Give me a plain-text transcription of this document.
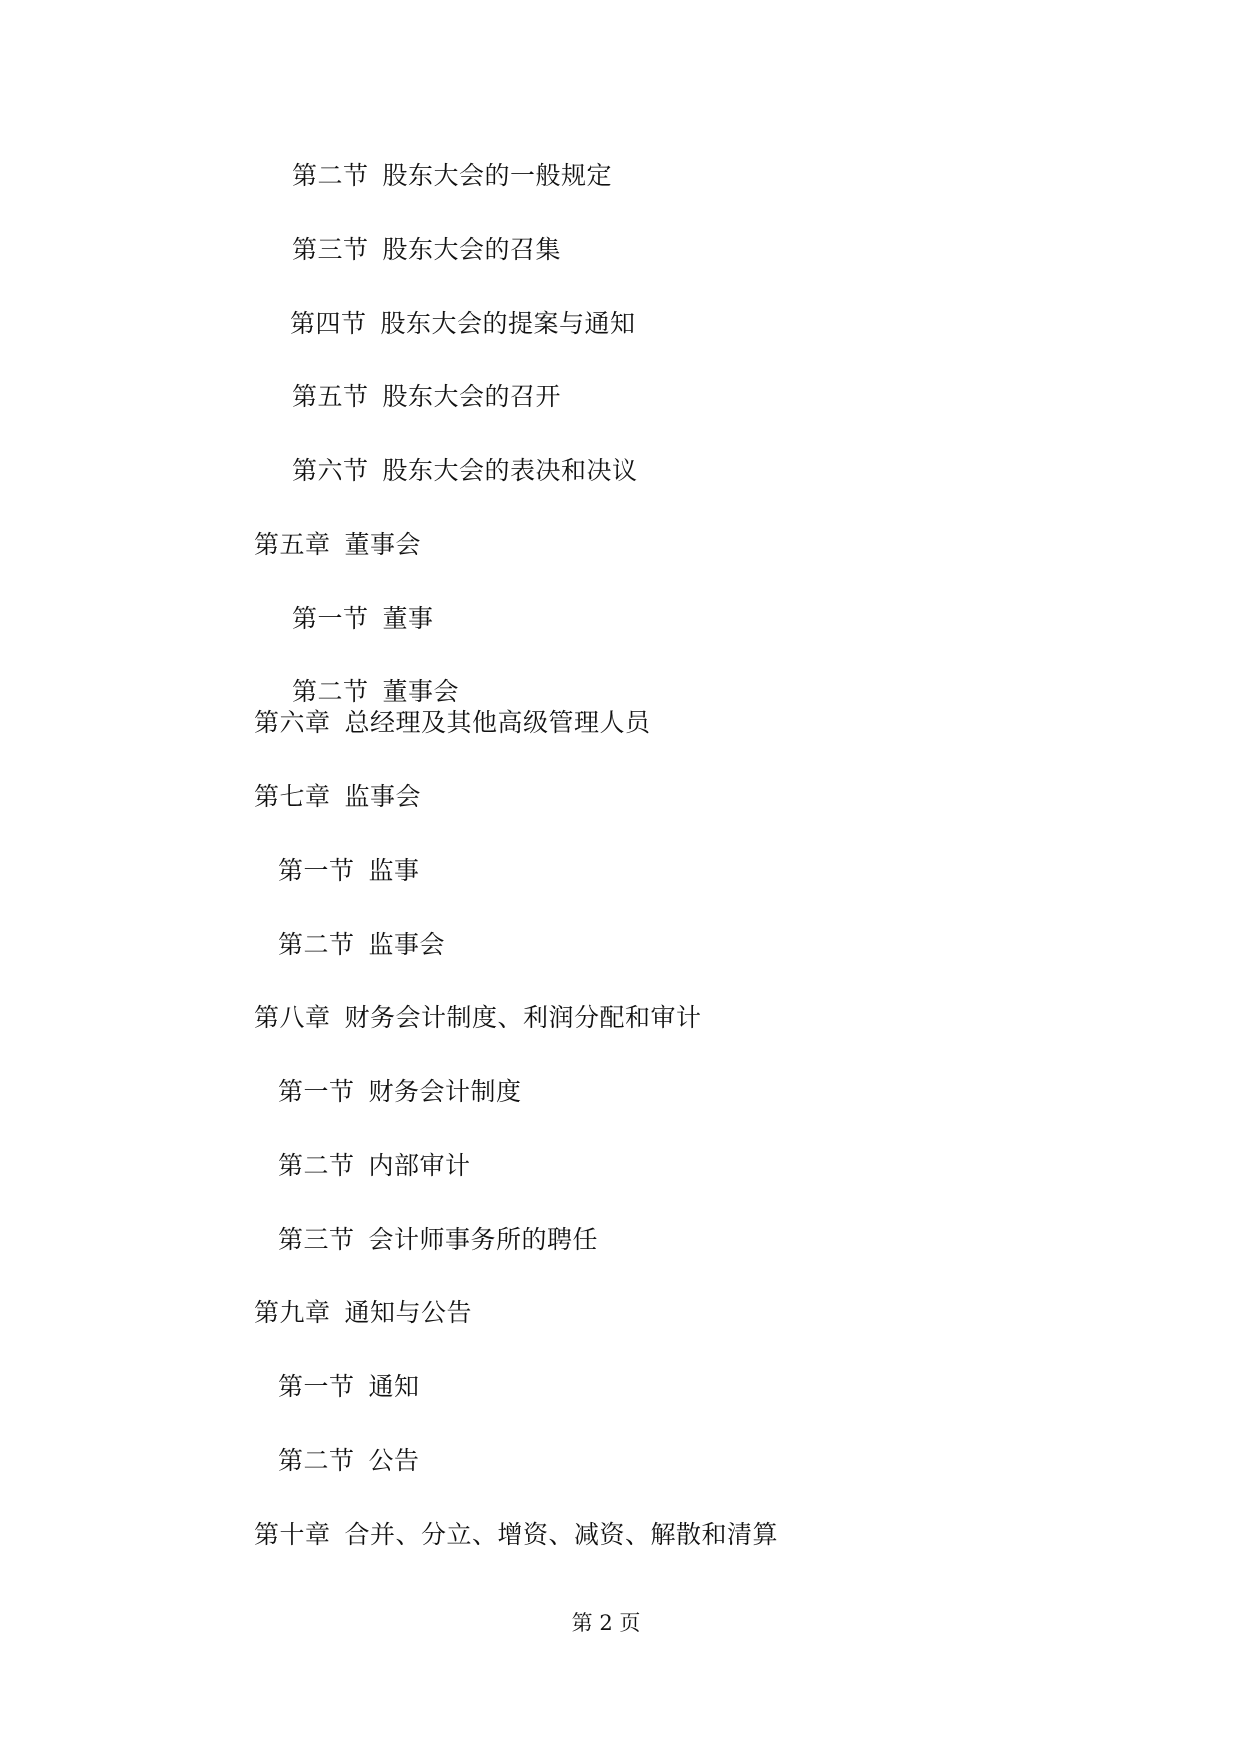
第二节 股东大会的一般规定
第三节 股东大会的召集
第四节 股东大会的提案与通知
第五节 股东大会的召开
第六节 股东大会的表决和决议
第五章 董事会
第一节 董事
第二节 董事会
第六章 总经理及其他高级管理人员
第七章 监事会
第一节 监事
第二节 监事会
第八章 财务会计制度、利润分配和审计
第一节 财务会计制度
第二节 内部审计
第三节 会计师事务所的聘任
第九章 通知与公告
第一节 通知
第二节 公告
第十章 合并、分立、增资、减资、解散和清算
第 2 页
